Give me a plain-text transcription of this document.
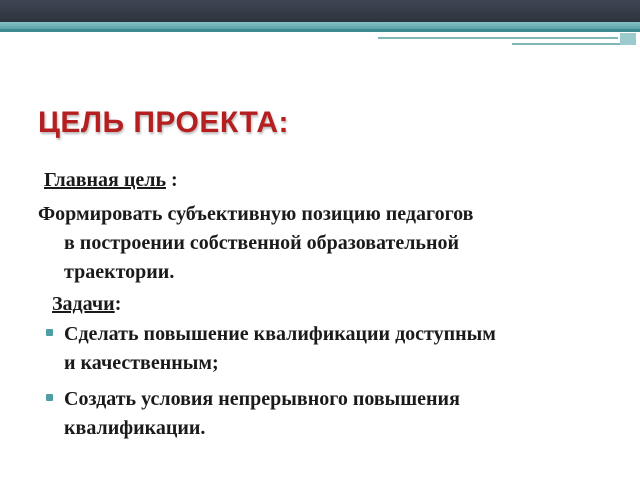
ЦЕЛЬ ПРОЕКТА:
Главная цель :
Формировать субъективную позицию педагогов
в построении собственной образовательной
траектории.
Задачи:
Сделать повышение квалификации доступным
и качественным;
Создать условия непрерывного повышения
квалификации.
